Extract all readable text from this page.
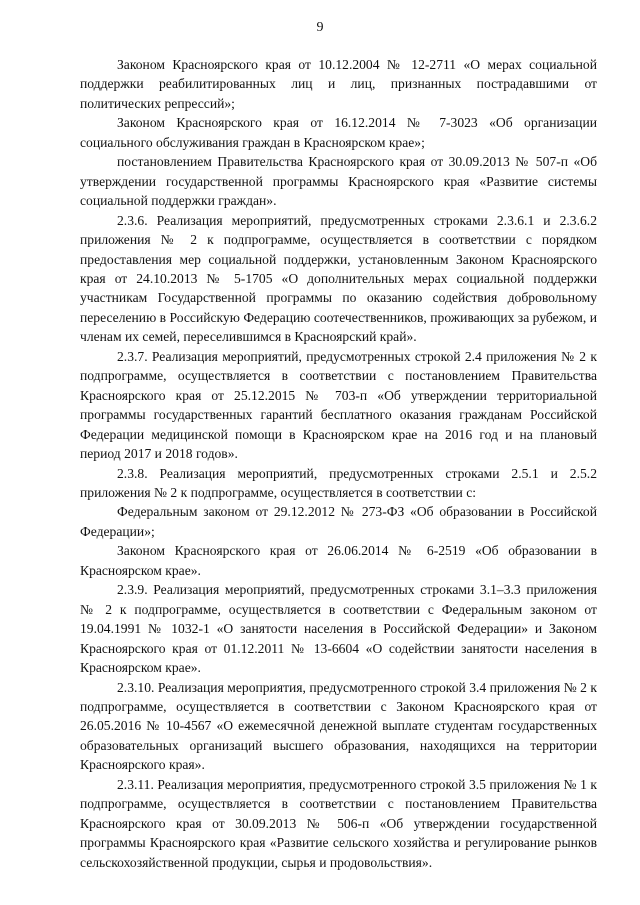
9

Законом Красноярского края от 10.12.2004 № 12-2711 «О мерах социальной поддержки реабилитированных лиц и лиц, признанных пострадавшими от политических репрессий»;

Законом Красноярского края от 16.12.2014 № 7-3023 «Об организации социального обслуживания граждан в Красноярском крае»;

постановлением Правительства Красноярского края от 30.09.2013 № 507-п «Об утверждении государственной программы Красноярского края «Развитие системы социальной поддержки граждан».

2.3.6. Реализация мероприятий, предусмотренных строками 2.3.6.1 и 2.3.6.2 приложения № 2 к подпрограмме, осуществляется в соответствии с порядком предоставления мер социальной поддержки, установленным Законом Красноярского края от 24.10.2013 № 5-1705 «О дополнительных мерах социальной поддержки участникам Государственной программы по оказанию содействия добровольному переселению в Российскую Федерацию соотечественников, проживающих за рубежом, и членам их семей, переселившимся в Красноярский край».

2.3.7. Реализация мероприятий, предусмотренных строкой 2.4 приложения № 2 к подпрограмме, осуществляется в соответствии с постановлением Правительства Красноярского края от 25.12.2015 № 703-п «Об утверждении территориальной программы государственных гарантий бесплатного оказания гражданам Российской Федерации медицинской помощи в Красноярском крае на 2016 год и на плановый период 2017 и 2018 годов».

2.3.8. Реализация мероприятий, предусмотренных строками 2.5.1 и 2.5.2 приложения № 2 к подпрограмме, осуществляется в соответствии с:

Федеральным законом от 29.12.2012 № 273-ФЗ «Об образовании в Российской Федерации»;

Законом Красноярского края от 26.06.2014 № 6-2519 «Об образовании в Красноярском крае».

2.3.9. Реализация мероприятий, предусмотренных строками 3.1–3.3 приложения № 2 к подпрограмме, осуществляется в соответствии с Федеральным законом от 19.04.1991 № 1032-1 «О занятости населения в Российской Федерации» и Законом Красноярского края от 01.12.2011 № 13-6604 «О содействии занятости населения в Красноярском крае».

2.3.10. Реализация мероприятия, предусмотренного строкой 3.4 приложения № 2 к подпрограмме, осуществляется в соответствии с Законом Красноярского края от 26.05.2016 № 10-4567 «О ежемесячной денежной выплате студентам государственных образовательных организаций высшего образования, находящихся на территории Красноярского края».

2.3.11. Реализация мероприятия, предусмотренного строкой 3.5 приложения № 1 к подпрограмме, осуществляется в соответствии с постановлением Правительства Красноярского края от 30.09.2013 № 506-п «Об утверждении государственной программы Красноярского края «Развитие сельского хозяйства и регулирование рынков сельскохозяйственной продукции, сырья и продовольствия».
